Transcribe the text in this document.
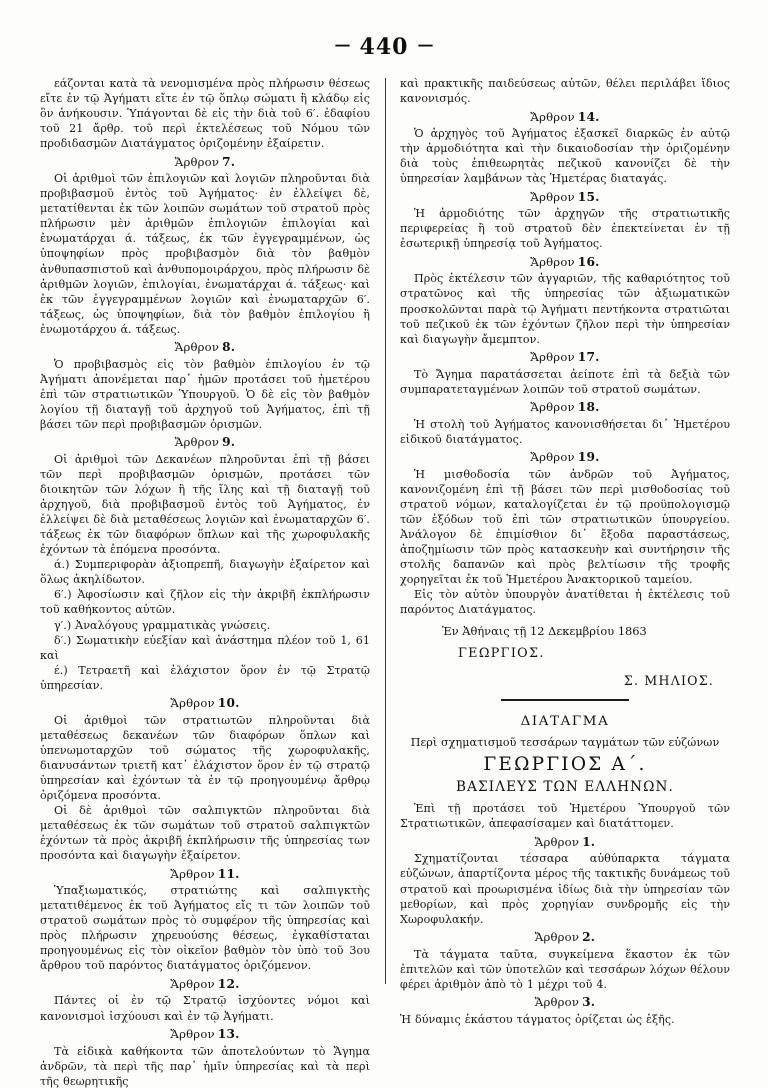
— 440 —

εάζονται κατὰ τὰ νενομισμένα πρὸς πλήρωσιν θέσεως εἴτε ἐν τῷ Ἀγήματι εἴτε ἐν τῷ ὅπλῳ σώματι ἢ κλάδῳ εἰς ὃν ἀνήκουσιν. Ὑπάγονται δὲ εἰς τὴν διὰ τοῦ 6′. ἐδαφίου τοῦ 21 ἄρθρ. τοῦ περὶ ἐκτελέσεως τοῦ Νόμου τῶν προδιδασμῶν Διατάγματος ὁριζομένην ἐξαίρετιν.

Ἄρθρον 7.

Οἱ ἀριθμοὶ τῶν ἐπιλογιῶν καὶ λογιῶν πληροῦνται διὰ προβιβασμοῦ ἐντὸς τοῦ Ἀγήματος· ἐν ἐλλείψει δὲ, μετατίθενται ἐκ τῶν λοιπῶν σωμάτων τοῦ στρατοῦ πρὸς πλήρωσιν μὲν ἀριθμῶν ἐπιλογιῶν ἐπιλογίαι καὶ ἐνωματάρχαι ά. τάξεως, ἐκ τῶν ἐγγεγραμμένων, ὡς ὑποψηφίων πρὸς προβιβασμὸν διὰ τὸν βαθμὸν ἀνθυπασπιστοῦ καὶ ἀνθυπομοιράρχου, πρὸς πλήρωσιν δὲ ἀριθμῶν λογιῶν, ἐπιλογίαι, ἐνωματάρχαι ά. τάξεως· καὶ ἐκ τῶν ἐγγεγραμμένων λογιῶν καὶ ἐνωματαρχῶν 6′. τάξεως, ὡς ὑποψηφίων, διὰ τὸν βαθμὸν ἐπιλογίου ἢ ἐνωμοτάρχου ά. τάξεως.

Ἄρθρον 8.

Ὁ προβιβασμὸς εἰς τὸν βαθμὸν ἐπιλογίου ἐν τῷ Ἀγήματι ἀπονέμεται παρ᾽ ἡμῶν προτάσει τοῦ ἡμετέρου ἐπὶ τῶν στρατιωτικῶν Ὑπουργοῦ. Ὁ δὲ εἰς τὸν βαθμὸν λογίου τῇ διαταγῇ τοῦ ἀρχηγοῦ τοῦ Ἀγήματος, ἐπὶ τῇ βάσει τῶν περὶ προβιβασμῶν ὁρισμῶν.

Ἄρθρον 9.

Οἱ ἀριθμοὶ τῶν Δεκανέων πληροῦνται ἐπὶ τῇ βάσει τῶν περὶ προβιβασμῶν ὁρισμῶν, προτάσει τῶν διοικητῶν τῶν λόχων ἢ τῆς ἴλης καὶ τῇ διαταγῇ τοῦ ἀρχηγοῦ, διὰ προβιβασμοῦ ἐντὸς τοῦ Ἀγήματος, ἐν ἐλλείψει δὲ διὰ μεταθέσεως λογιῶν καὶ ἐνωματαρχῶν 6′. τάξεως ἐκ τῶν διαφόρων ὅπλων καὶ τῆς χωροφυλακῆς ἐχόντων τὰ ἐπόμενα προσόντα.

ά.) Συμπεριφορὰν ἀξιοπρεπῆ, διαγωγὴν ἐξαίρετον καὶ ὅλως ἀκηλίδωτον.

6′.) Ἀφοσίωσιν καὶ ζῆλον εἰς τὴν ἀκριβῆ ἐκπλήρωσιν τοῦ καθήκοντος αὐτῶν.

γ′.) Ἀναλόγους γραμματικὰς γνώσεις.

δ′.) Σωματικὴν εὐεξίαν καὶ ἀνάστημα πλέον τοῦ 1, 61 καὶ

έ.) Τετραετῆ καὶ ἐλάχιστον ὅρον ἐν τῷ Στρατῷ ὑπηρεσίαν.

Ἄρθρον 10.

Οἱ ἀριθμοὶ τῶν στρατιωτῶν πληροῦνται διὰ μεταθέσεως δεκανέων τῶν διαφόρων ὅπλων καὶ ὑπενωμοταρχῶν τοῦ σώματος τῆς χωροφυλακῆς, διανυσάντων τριετῆ κατ᾽ ἐλάχιστον ὅρον ἐν τῷ στρατῷ ὑπηρεσίαν καὶ ἐχόντων τὰ ἐν τῷ προηγουμένῳ ἄρθρῳ ὁριζόμενα προσόντα.

Οἱ δὲ ἀριθμοὶ τῶν σαλπιγκτῶν πληροῦνται διὰ μεταθέσεως ἐκ τῶν σωμάτων τοῦ στρατοῦ σαλπιγκτῶν ἐχόντων τὰ πρὸς ἀκριβῆ ἐκπλήρωσιν τῆς ὑπηρεσίας των προσόντα καὶ διαγωγὴν ἐξαίρετον.

Ἄρθρον 11.

Ὑπαξιωματικός, στρατιώτης καὶ σαλπιγκτὴς μετατιθέμενος ἐκ τοῦ Ἀγήματος εἴς τι τῶν λοιπῶν τοῦ στρατοῦ σωμάτων πρὸς τὸ συμφέρον τῆς ὑπηρεσίας καὶ πρὸς πλήρωσιν χηρευούσης θέσεως, ἐγκαθίσταται προηγουμένως εἰς τὸν οἰκεῖον βαθμὸν τὸν ὑπὸ τοῦ 3ου ἄρθρου τοῦ παρόντος διατάγματος ὁριζόμενον.

Ἄρθρον 12.

Πάντες οἱ ἐν τῷ Στρατῷ ἰσχύοντες νόμοι καὶ κανονισμοὶ ἰσχύουσι καὶ ἐν τῷ Ἀγήματι.

Ἄρθρον 13.

Τὰ εἰδικὰ καθήκοντα τῶν ἀποτελούντων τὸ Ἄγημα ἀνδρῶν, τὰ περὶ τῆς παρ᾽ ἡμῖν ὑπηρεσίας καὶ τὰ περὶ τῆς θεωρητικῆς

καὶ πρακτικῆς παιδεύσεως αὐτῶν, θέλει περιλάβει ἴδιος κανονισμός.

Ἄρθρον 14.

Ὁ ἀρχηγὸς τοῦ Ἀγήματος ἐξασκεῖ διαρκῶς ἐν αὐτῷ τὴν ἁρμοδιότητα καὶ τὴν δικαιοδοσίαν τὴν ὁριζομένην διὰ τοὺς ἐπιθεωρητὰς πεζικοῦ κανονίζει δὲ τὴν ὑπηρεσίαν λαμβάνων τὰς Ἡμετέρας διαταγάς.

Ἄρθρον 15.

Ἡ ἁρμοδιότης τῶν ἀρχηγῶν τῆς στρατιωτικῆς περιφερείας ἢ τοῦ στρατοῦ δὲν ἐπεκτείνεται ἐν τῇ ἐσωτερικῇ ὑπηρεσίᾳ τοῦ Ἀγήματος.

Ἄρθρον 16.

Πρὸς ἐκτέλεσιν τῶν ἀγγαριῶν, τῆς καθαριότητος τοῦ στρατῶνος καὶ τῆς ὑπηρεσίας τῶν ἀξιωματικῶν προσκολῶνται παρὰ τῷ Ἀγήματι πεντήκοντα στρατιῶται τοῦ πεζικοῦ ἐκ τῶν ἐχόντων ζῆλον περὶ τὴν ὑπηρεσίαν καὶ διαγωγὴν ἄμεμπτον.

Ἄρθρον 17.

Τὸ Ἄγημα παρατάσσεται ἀείποτε ἐπὶ τὰ δεξιὰ τῶν συμπαρατεταγμένων λοιπῶν τοῦ στρατοῦ σωμάτων.

Ἄρθρον 18.

Ἡ στολὴ τοῦ Ἀγήματος κανονισθήσεται δι᾽ Ἡμετέρου εἰδικοῦ διατάγματος.

Ἄρθρον 19.

Ἡ μισθοδοσία τῶν ἀνδρῶν τοῦ Ἀγήματος, κανονιζομένη ἐπὶ τῇ βάσει τῶν περὶ μισθοδοσίας τοῦ στρατοῦ νόμων, καταλογίζεται ἐν τῷ προϋπολογισμῷ τῶν ἐξόδων τοῦ ἐπὶ τῶν στρατιωτικῶν ὑπουργείου. Ἀνάλογον δὲ ἐπιμίσθιον δι᾽ ἔξοδα παραστάσεως, ἀποζημίωσιν τῶν πρὸς κατασκευὴν καὶ συντήρησιν τῆς στολῆς δαπανῶν καὶ πρὸς βελτίωσιν τῆς τροφῆς χορηγεῖται ἐκ τοῦ Ἡμετέρου Ἀνακτορικοῦ ταμείου.

Εἰς τὸν αὐτὸν ὑπουργὸν ἀνατίθεται ἡ ἐκτέλεσις τοῦ παρόντος Διατάγματος.

Ἐν Ἀθήναις τῇ 12 Δεκεμβρίου 1863
ΓΕΩΡΓΙΟΣ.
Σ. ΜΗΛΙΟΣ.
ΔΙΑΤΑΓΜΑ
Περὶ σχηματισμοῦ τεσσάρων ταγμάτων τῶν εὐζώνων
ΓΕΩΡΓΙΟΣ Α΄.
ΒΑΣΙΛΕΥΣ ΤΩΝ ΕΛΛΗΝΩΝ.

Ἐπὶ τῇ προτάσει τοῦ Ἡμετέρου Ὑπουργοῦ τῶν Στρατιωτικῶν, ἀπεφασίσαμεν καὶ διατάττομεν.

Ἄρθρον 1.

Σχηματίζονται τέσσαρα αὐθύπαρκτα τάγματα εὐζώνων, ἀπαρτίζοντα μέρος τῆς τακτικῆς δυνάμεως τοῦ στρατοῦ καὶ προωρισμένα ἰδίως διὰ τὴν ὑπηρεσίαν τῶν μεθορίων, καὶ πρὸς χορηγίαν συνδρομῆς εἰς τὴν Χωροφυλακήν.

Ἄρθρον 2.

Τὰ τάγματα ταῦτα, συγκείμενα ἕκαστον ἐκ τῶν ἐπιτελῶν καὶ τῶν ὑποτελῶν καὶ τεσσάρων λόχων θέλουν φέρει ἀριθμὸν ἀπὸ τὸ 1 μέχρι τοῦ 4.

Ἄρθρον 3.

Ἡ δύναμις ἑκάστου τάγματος ὁρίζεται ὡς ἑξῆς.
